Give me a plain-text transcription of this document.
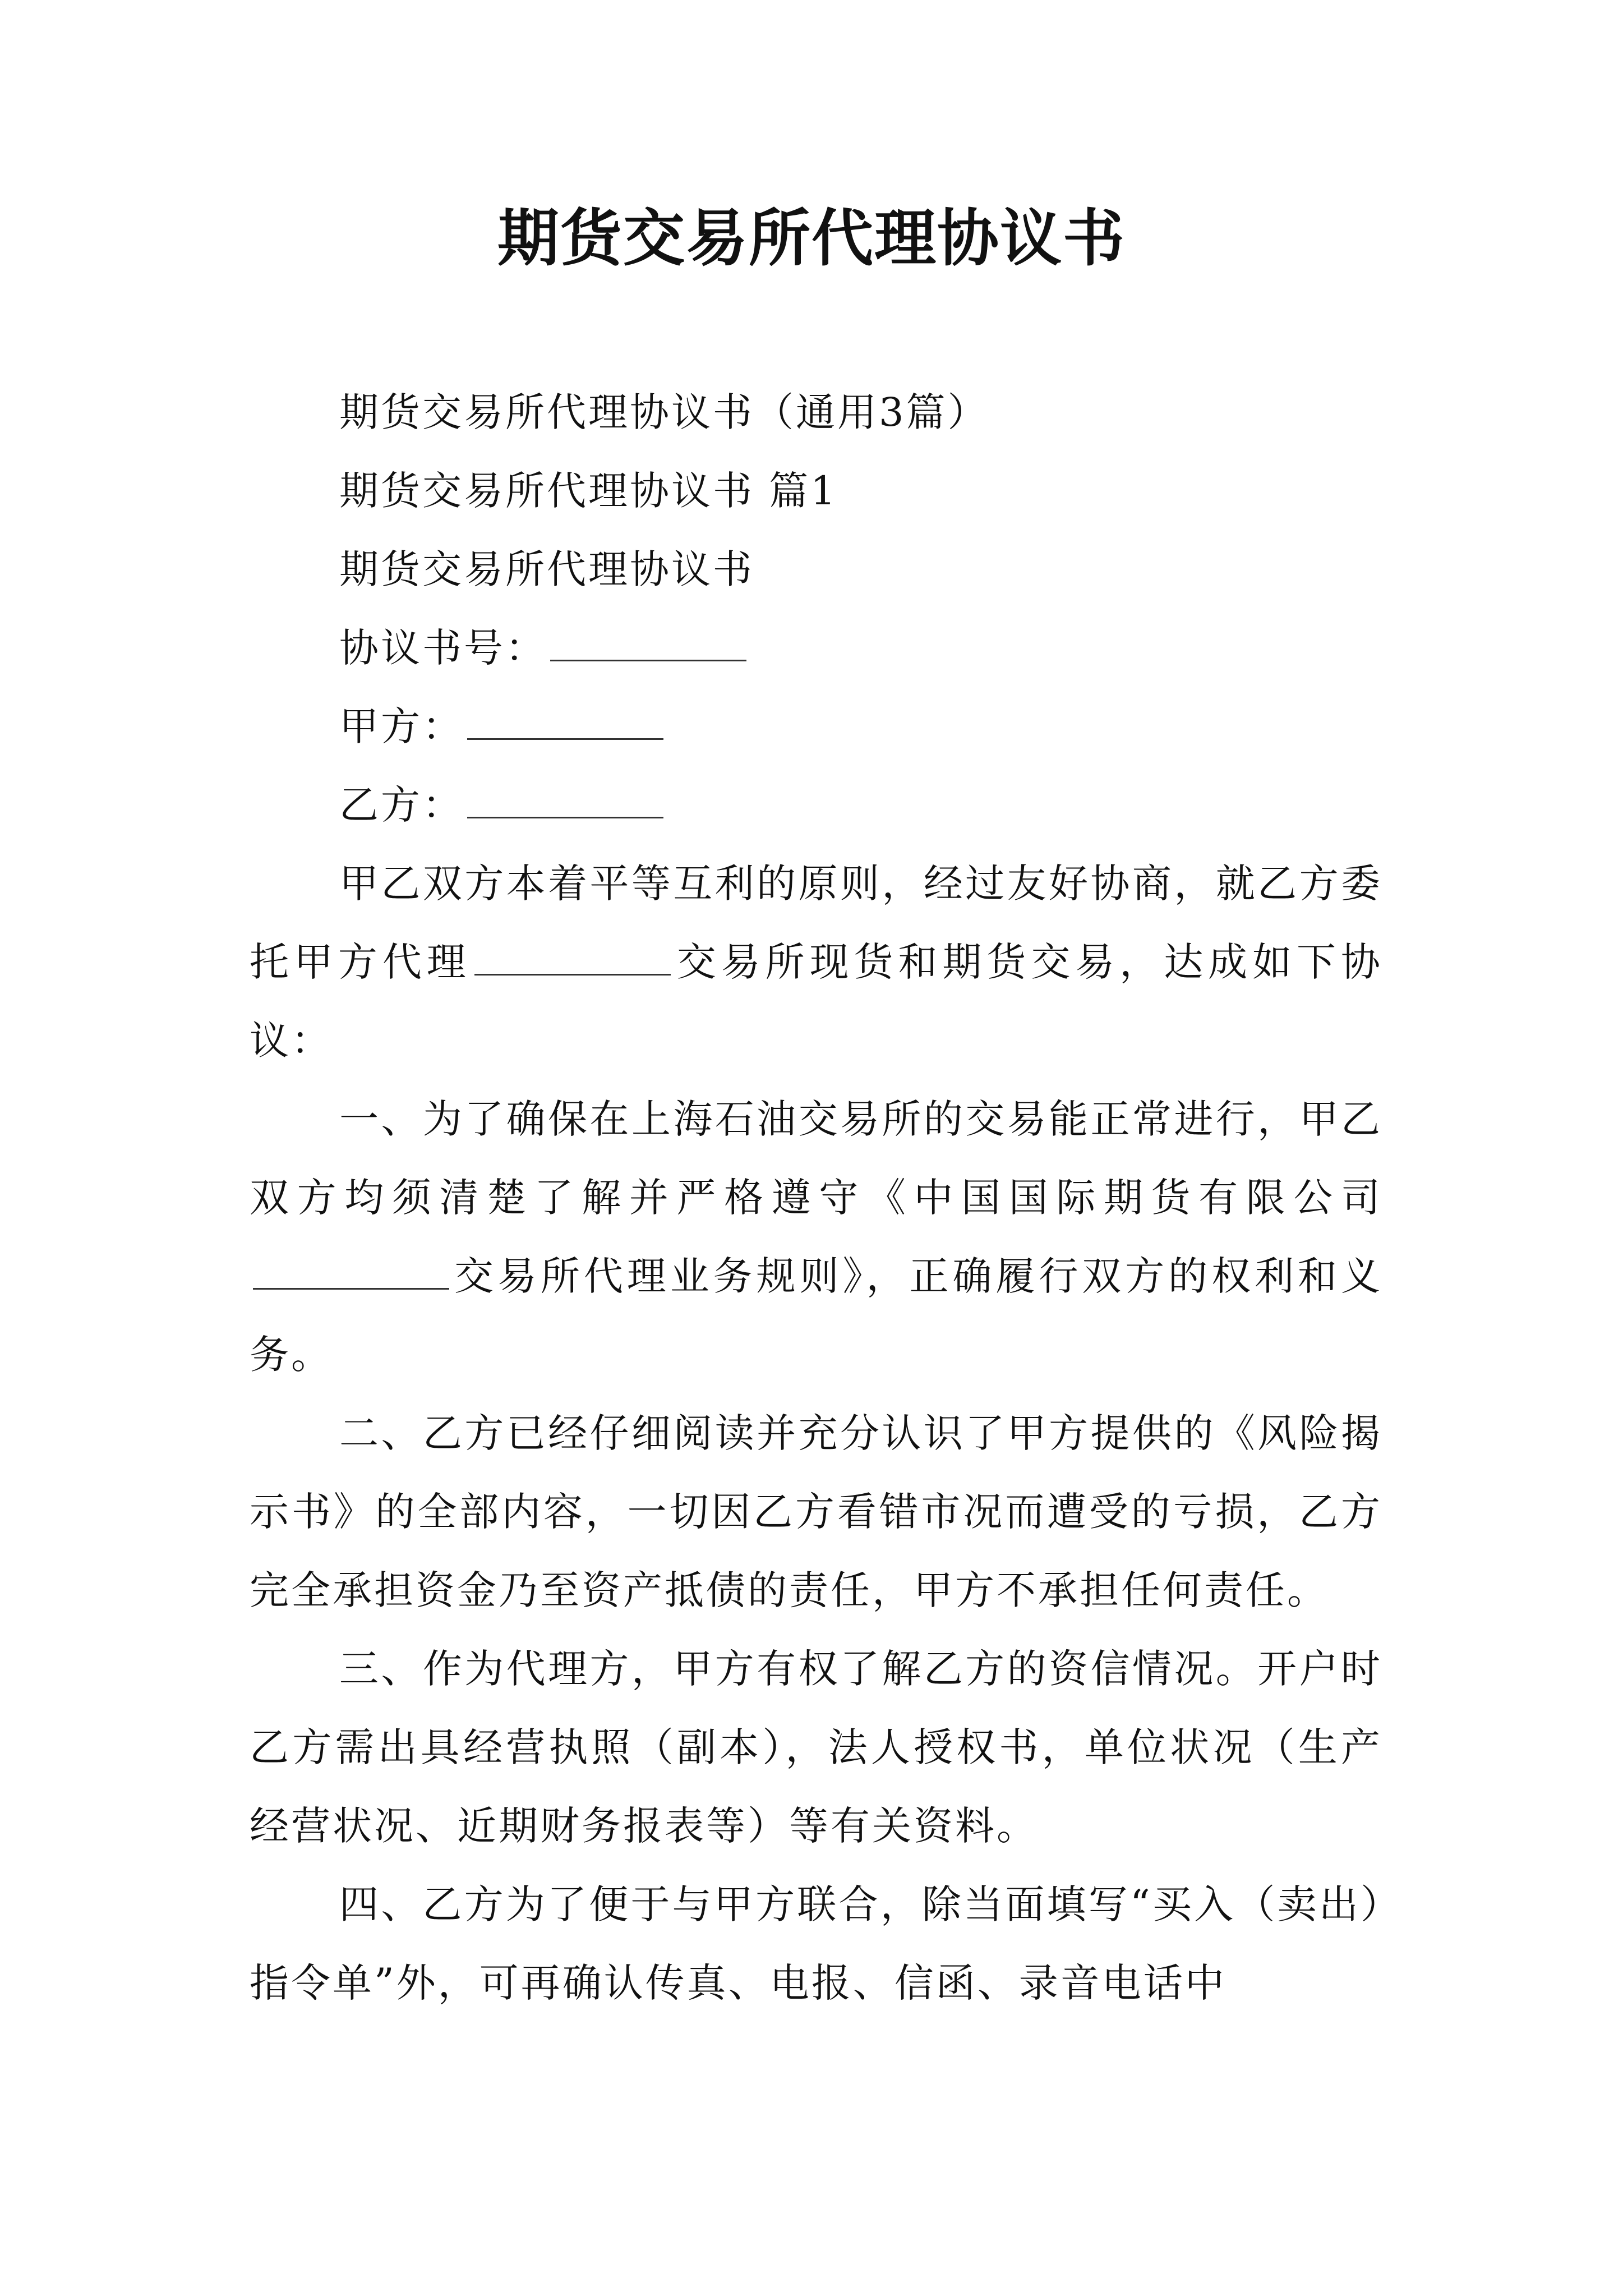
期货交易所代理协议书

期货交易所代理协议书（通用3篇）

期货交易所代理协议书 篇1

期货交易所代理协议书

协议书号：

甲方：

乙方：

甲乙双方本着平等互利的原则，经过友好协商，就乙方委托甲方代理	交易所现货和期货交易，达成如下协议：

一、为了确保在上海石油交易所的交易能正常进行，甲乙双方均须清楚了解并严格遵守《中国国际期货有限公司交易所代理业务规则》，正确履行双方的权利和义务。

二、乙方已经仔细阅读并充分认识了甲方提供的《风险揭示书》的全部内容，一切因乙方看错市况而遭受的亏损，乙方完全承担资金乃至资产抵债的责任，甲方不承担任何责任。

三、作为代理方，甲方有权了解乙方的资信情况。开户时乙方需出具经营执照（副本），法人授权书，单位状况（生产经营状况、近期财务报表等）等有关资料。

四、乙方为了便于与甲方联合，除当面填写“买入（卖出）指令单”外，可再确认传真、电报、信函、录音电话中
